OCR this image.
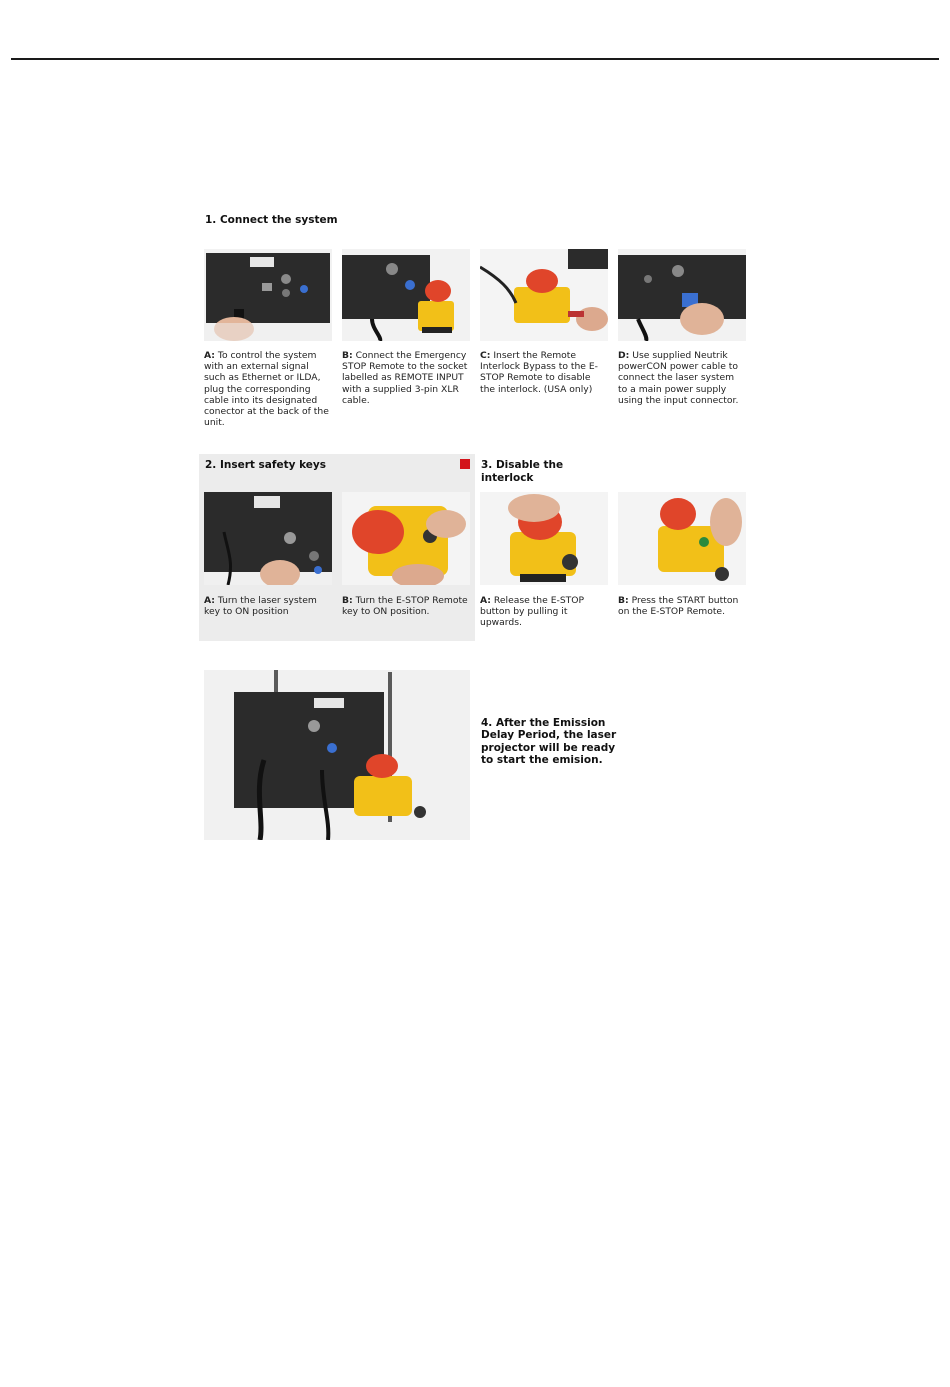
1. Connect the system
A: To control the system with an external signal such as Ethernet or ILDA, plug the corresponding cable into its designated conector at the back of the unit.
B: Connect the Emergency STOP Remote to the socket labelled as REMOTE INPUT with a supplied 3-pin XLR cable.
C: Insert the Remote Interlock Bypass to the E-STOP Remote to disable the interlock. (USA only)
D: Use supplied Neutrik powerCON power cable to connect the laser system to a main power supply using the input connector.
2. Insert safety keys
A: Turn the laser system key to ON position
B: Turn the E-STOP Remote key to ON position.
3. Disable the
interlock
A: Release the E-STOP button by pulling it upwards.
B: Press the START button on the E-STOP Remote.
4. After the Emission Delay Period, the laser projector will be ready to start the emision.
